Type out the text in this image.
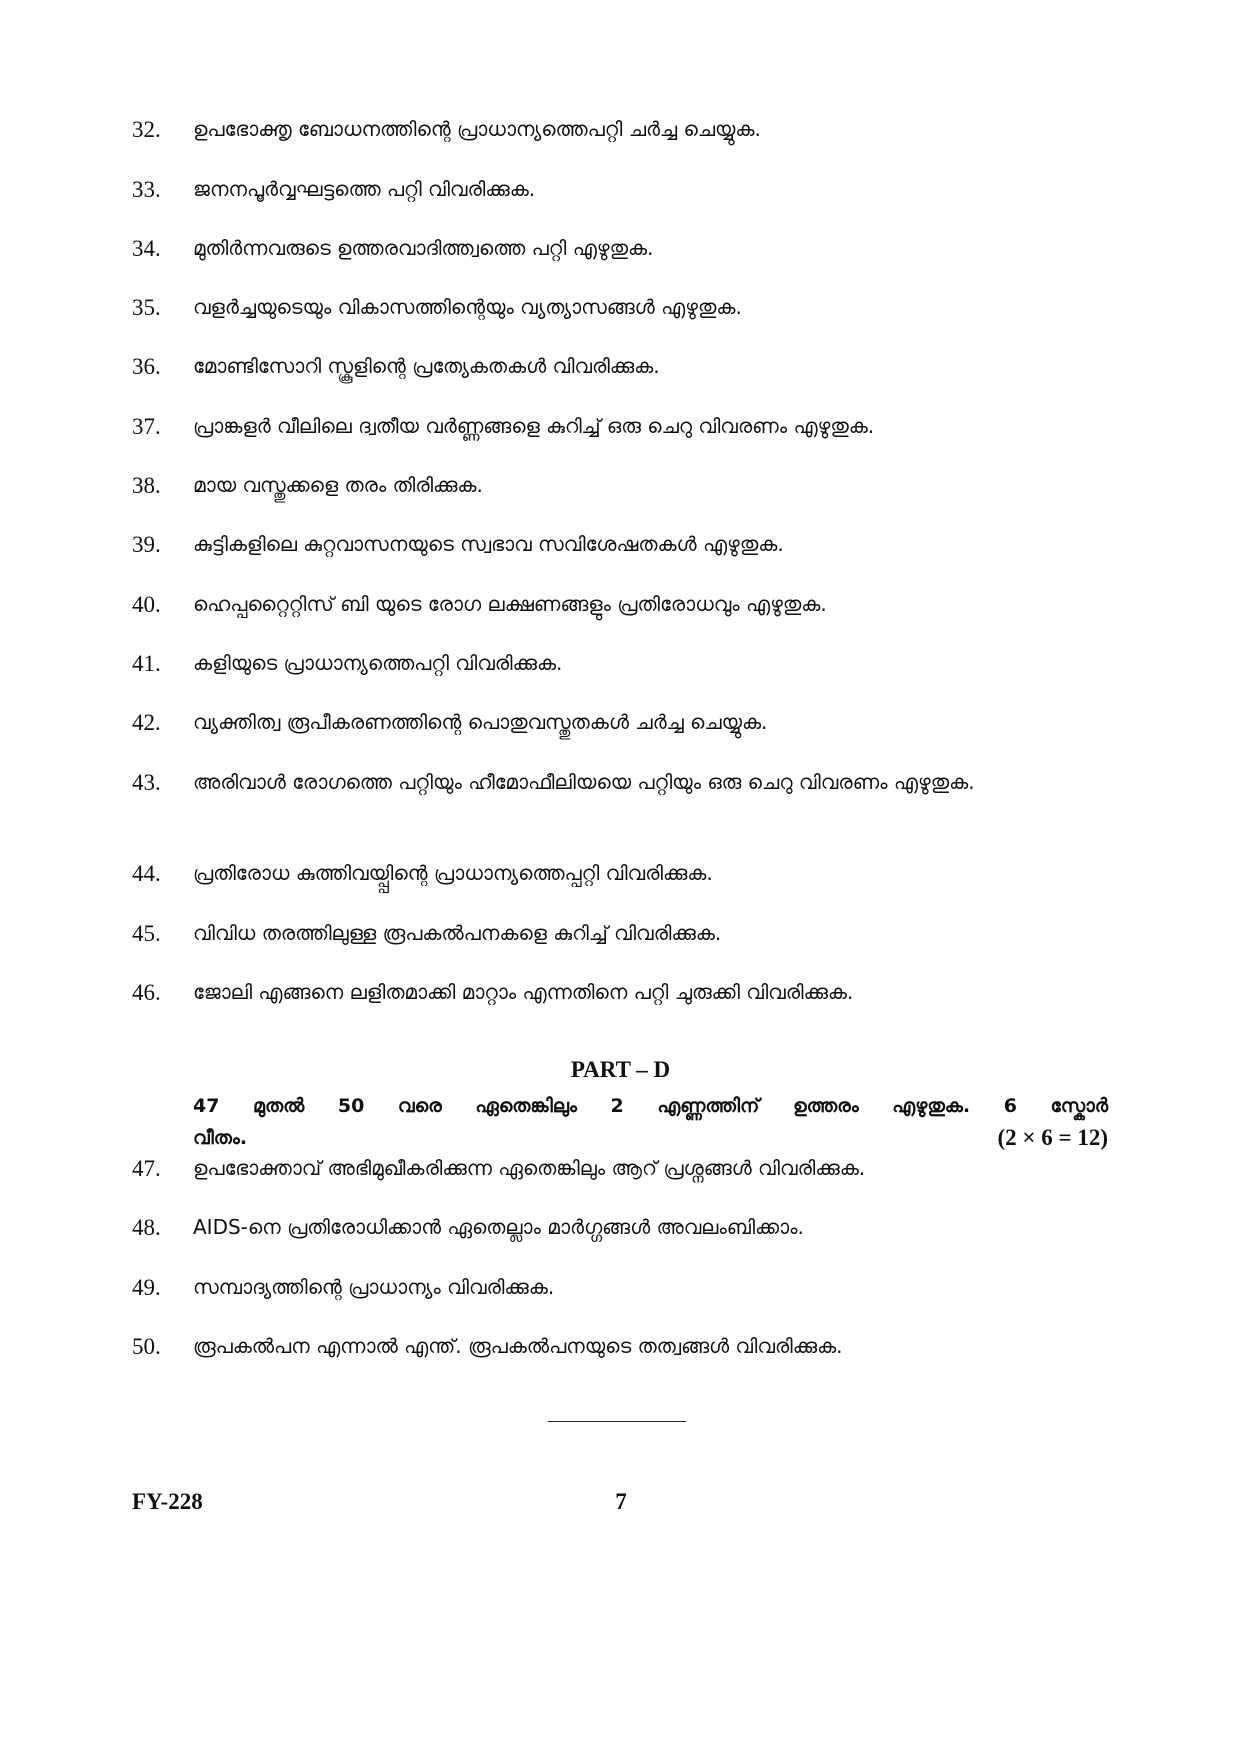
32. ഉപഭോക്തൃ ബോധനത്തിന്റെ പ്രാധാന്യത്തെപറ്റി ചർച്ച ചെയ്യുക.
33. ജനനപൂർവ്വഘട്ടത്തെ പറ്റി വിവരിക്കുക.
34. മുതിർന്നവരുടെ ഉത്തരവാദിത്ത്വത്തെ പറ്റി എഴുതുക.
35. വളർച്ചയുടെയും വികാസത്തിന്റെയും വ്യത്യാസങ്ങൾ എഴുതുക.
36. മോണ്ടിസോറി സ്കൂളിന്റെ പ്രത്യേകതകൾ വിവരിക്കുക.
37. പ്രാങ്കളർ വീലിലെ ദ്വതീയ വർണ്ണങ്ങളെ കുറിച്ച് ഒരു ചെറു വിവരണം എഴുതുക.
38. മായ വസ്തുക്കളെ തരം തിരിക്കുക.
39. കുട്ടികളിലെ കുറ്റവാസനയുടെ സ്വഭാവ സവിശേഷതകൾ എഴുതുക.
40. ഹെപ്പറ്റൈറ്റിസ് ബി യുടെ രോഗ ലക്ഷണങ്ങളും പ്രതിരോധവും എഴുതുക.
41. കളിയുടെ പ്രാധാന്യത്തെപറ്റി വിവരിക്കുക.
42. വ്യക്തിത്വ രൂപീകരണത്തിന്റെ പൊതുവസ്തുതകൾ ചർച്ച ചെയ്യുക.
43. അരിവാൾ രോഗത്തെ പറ്റിയും ഹീമോഫീലിയയെ പറ്റിയും ഒരു ചെറു വിവരണം എഴുതുക.
44. പ്രതിരോധ കുത്തിവയ്പ്പിന്റെ പ്രാധാന്യത്തെപ്പറ്റി വിവരിക്കുക.
45. വിവിധ തരത്തിലുള്ള രൂപകൽപനകളെ കുറിച്ച് വിവരിക്കുക.
46. ജോലി എങ്ങനെ ലളിതമാക്കി മാറ്റാം എന്നതിനെ പറ്റി ചുരുക്കി വിവരിക്കുക.
PART – D
47 മുതൽ 50 വരെ ഏതെങ്കിലും 2 എണ്ണത്തിന് ഉത്തരം എഴുതുക. 6 സ്കോർ
വീതം.	(2 × 6 = 12)
47. ഉപഭോക്താവ് അഭിമുഖീകരിക്കുന്ന ഏതെങ്കിലും ആറ് പ്രശ്നങ്ങൾ വിവരിക്കുക.
48. AIDS-നെ പ്രതിരോധിക്കാൻ ഏതെല്ലാം മാർഗ്ഗങ്ങൾ അവലംബിക്കാം.
49. സമ്പാദ്യത്തിന്റെ പ്രാധാന്യം വിവരിക്കുക.
50. രൂപകൽപന എന്നാൽ എന്ത്. രൂപകൽപനയുടെ തത്വങ്ങൾ വിവരിക്കുക.
FY-228	7
